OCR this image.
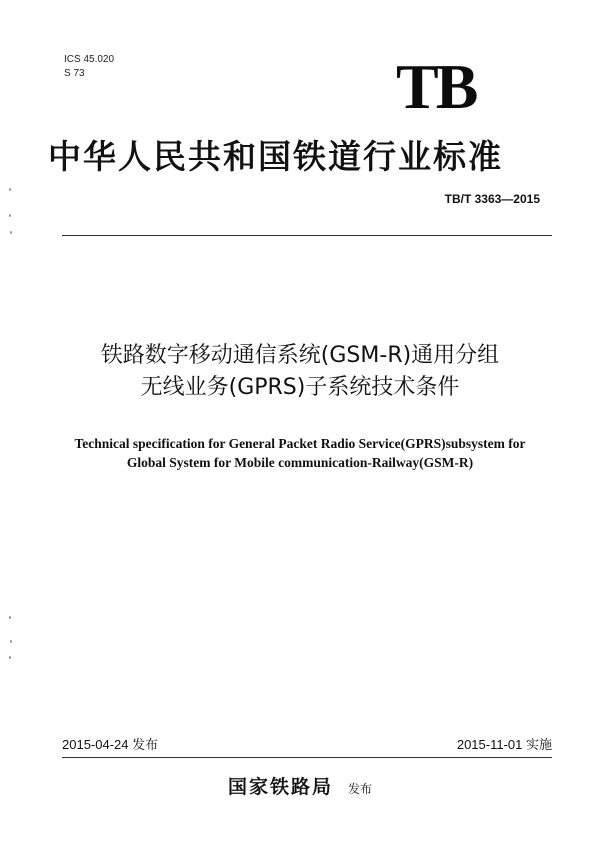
ICS 45.020
S 73	TB
中华人民共和国铁道行业标准
TB/T 3363—2015
铁路数字移动通信系统(GSM-R)通用分组
无线业务(GPRS)子系统技术条件
Technical specification for General Packet Radio Service(GPRS)subsystem for
Global System for Mobile communication-Railway(GSM-R)
2015-04-24 发布	2015-11-01 实施
国家铁路局 发布
